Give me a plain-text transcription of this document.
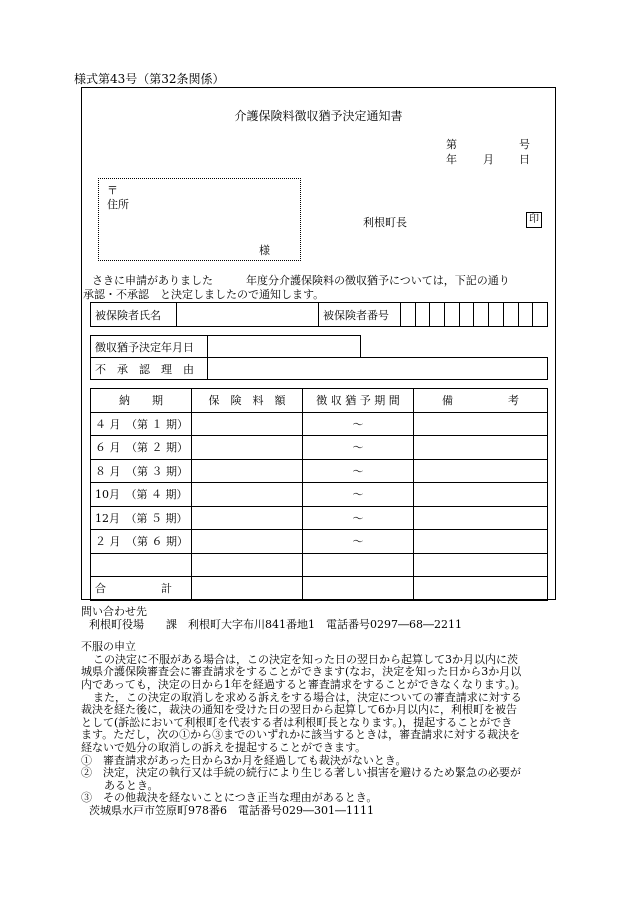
様式第43号（第32条関係）
介護保険料徴収猶予決定通知書
第	号
年 月 日
〒
住所
様
利根町長	印
さきに申請がありました　　　年度分介護保険料の徴収猶予については，下記の通り
承認・不承認　と決定しましたので通知します。
被保険者氏名		被保険者番号										
徴収猶予決定年月日		
不　承　認　理　由		
納　　期	保　険　料　額	徴 収 猶 予 期 間	備　　　　　考
４ 月　（第 １ 期）		～	
６ 月　（第 ２ 期）		～	
８ 月　（第 ３ 期）		～	
10月　（第 ４ 期）		～	
12月　（第 ５ 期）		～	
２ 月　（第 ６ 期）		～	

合　　　　　計			

問い合わせ先

利根町役場　　課　利根町大字布川841番地1　電話番号0297―68―2211

不服の申立

この決定に不服がある場合は，この決定を知った日の翌日から起算して3か月以内に茨

城県介護保険審査会に審査請求をすることができます(なお，決定を知った日から3か月以

内であっても，決定の日から1年を経過すると審査請求をすることができなくなります。)。

また，この決定の取消しを求める訴えをする場合は，決定についての審査請求に対する

裁決を経た後に，裁決の通知を受けた日の翌日から起算して6か月以内に，利根町を被告

として(訴訟において利根町を代表する者は利根町長となります。)，提起することができ

ます。ただし，次の①から③までのいずれかに該当するときは，審査請求に対する裁決を

経ないで処分の取消しの訴えを提起することができます。

①　審査請求があった日から3か月を経過しても裁決がないとき。

②　決定，決定の執行又は手続の続行により生じる著しい損害を避けるため緊急の必要が

　あるとき。

③　その他裁決を経ないことにつき正当な理由があるとき。

茨城県水戸市笠原町978番6　電話番号029―301―1111
